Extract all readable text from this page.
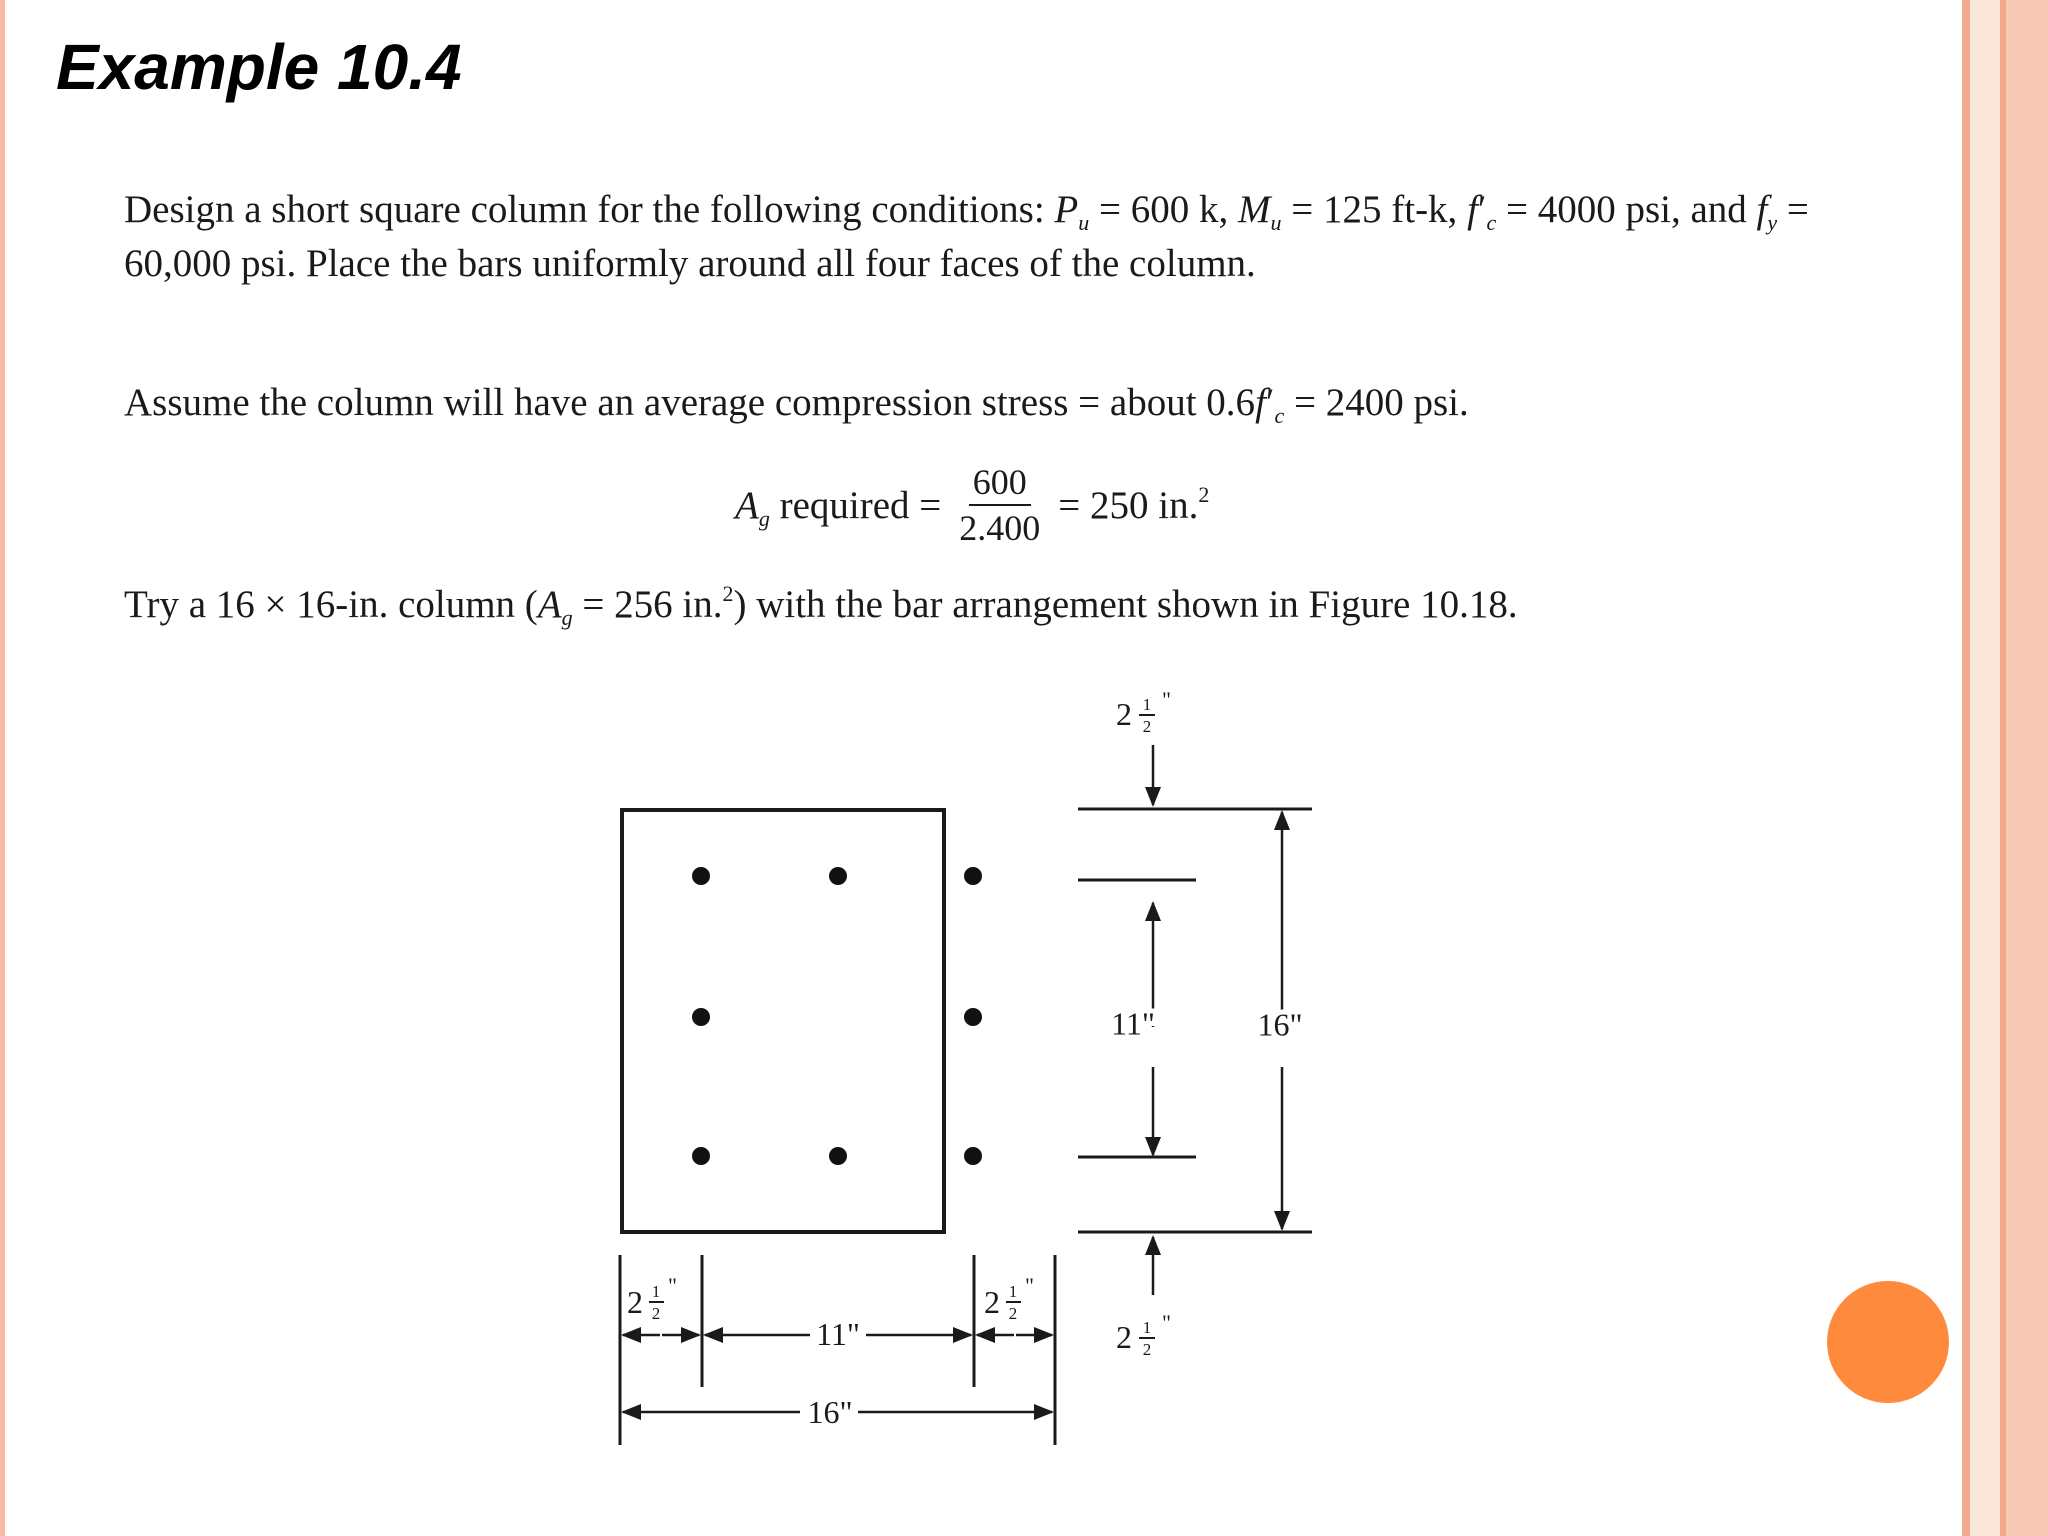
Example 10.4

Design a short square column for the following conditions: $P_u = 600$ k, $M_u = 125$ ft-k, $f'_c = 4000$ psi, and $f_y = 60,000$ psi. Place the bars uniformly around all four faces of the column.

Assume the column will have an average compression stress = about $0.6f'_c = 2400$ psi.

$A_g$ required = $\frac{600}{2.400} = 250$ in.$^2$

Try a 16 × 16-in. column ($A_g = 256$ in.$^2$) with the bar arrangement shown in Figure 10.18.

11"	16"
2 1
2
"
2 1
2
"
11"
16"
2 1
2
"	2 1
2
"
